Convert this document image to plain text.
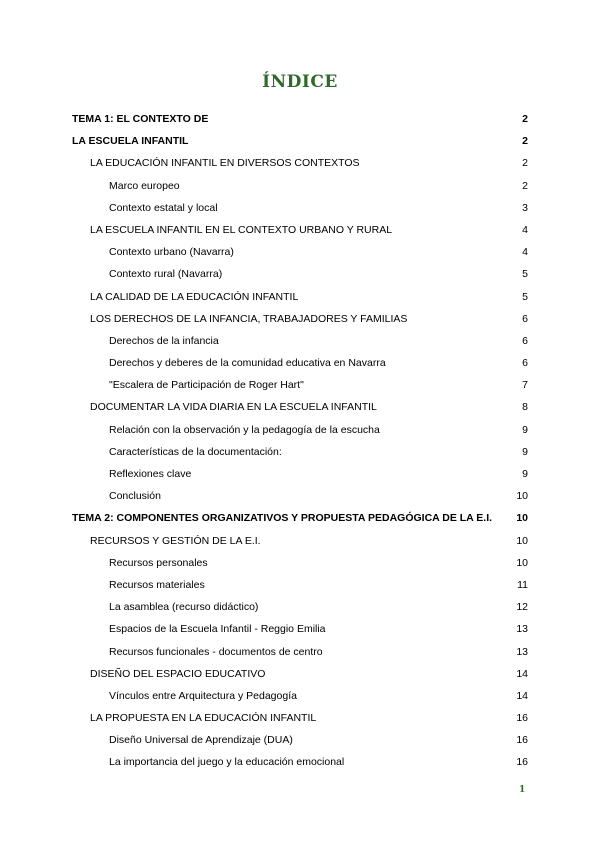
ÍNDICE
TEMA 1: EL CONTEXTO DE	2
LA ESCUELA INFANTIL	2
LA EDUCACIÓN INFANTIL EN DIVERSOS CONTEXTOS	2
Marco europeo	2
Contexto estatal y local	3
LA ESCUELA INFANTIL EN EL CONTEXTO URBANO Y RURAL	4
Contexto urbano (Navarra)	4
Contexto rural (Navarra)	5
LA CALIDAD DE LA EDUCACIÓN INFANTIL	5
LOS DERECHOS DE LA INFANCIA, TRABAJADORES Y FAMILIAS	6
Derechos de la infancia	6
Derechos y deberes de la comunidad educativa en Navarra	6
"Escalera de Participación de Roger Hart"	7
DOCUMENTAR LA VIDA DIARIA EN LA ESCUELA INFANTIL	8
Relación con la observación y la pedagogía de la escucha	9
Características de la documentación:	9
Reflexiones clave	9
Conclusión	10
TEMA 2: COMPONENTES ORGANIZATIVOS Y PROPUESTA PEDAGÓGICA DE LA E.I. 10
RECURSOS Y GESTIÓN DE LA E.I.	10
Recursos personales	10
Recursos materiales	11
La asamblea (recurso didáctico)	12
Espacios de la Escuela Infantil - Reggio Emilia	13
Recursos funcionales - documentos de centro	13
DISEÑO DEL ESPACIO EDUCATIVO	14
Vínculos entre Arquitectura y Pedagogía	14
LA PROPUESTA EN LA EDUCACIÓN INFANTIL	16
Diseño Universal de Aprendizaje (DUA)	16
La importancia del juego y la educación emocional	16
1
